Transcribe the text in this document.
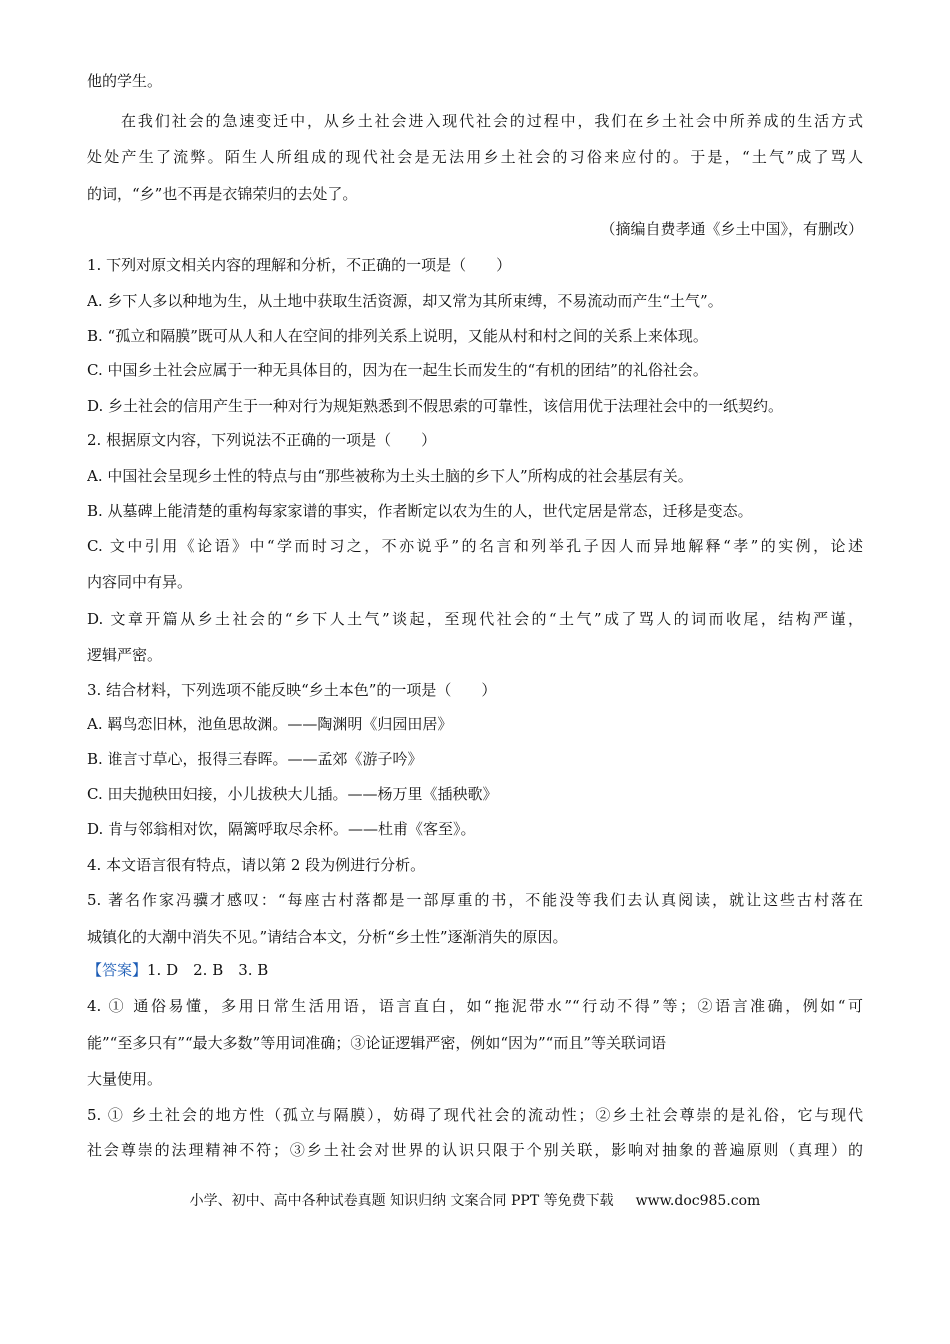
他的学生。
在我们社会的急速变迁中，从乡土社会进入现代社会的过程中，我们在乡土社会中所养成的生活方式
处处产生了流弊。陌生人所组成的现代社会是无法用乡土社会的习俗来应付的。于是，“土气”成了骂人
的词，“乡”也不再是衣锦荣归的去处了。
（摘编自费孝通《乡土中国》，有删改）
1. 下列对原文相关内容的理解和分析，不正确的一项是（　　）
A. 乡下人多以种地为生，从土地中获取生活资源，却又常为其所束缚，不易流动而产生“土气”。
B. “孤立和隔膜”既可从人和人在空间的排列关系上说明，又能从村和村之间的关系上来体现。
C. 中国乡土社会应属于一种无具体目的，因为在一起生长而发生的“有机的团结”的礼俗社会。
D. 乡土社会的信用产生于一种对行为规矩熟悉到不假思索的可靠性，该信用优于法理社会中的一纸契约。
2. 根据原文内容，下列说法不正确的一项是（　　）
A. 中国社会呈现乡土性的特点与由“那些被称为土头土脑的乡下人”所构成的社会基层有关。
B. 从墓碑上能清楚的重构每家家谱的事实，作者断定以农为生的人，世代定居是常态，迁移是变态。
C. 文中引用《论语》中“学而时习之，不亦说乎”的名言和列举孔子因人而异地解释“孝”的实例，论述
内容同中有异。
D. 文章开篇从乡土社会的“乡下人土气”谈起，至现代社会的“土气”成了骂人的词而收尾，结构严谨，
逻辑严密。
3. 结合材料，下列选项不能反映“乡土本色”的一项是（　　）
A. 羁鸟恋旧林，池鱼思故渊。——陶渊明《归园田居》
B. 谁言寸草心，报得三春晖。——孟郊《游子吟》
C. 田夫抛秧田妇接，小儿拔秧大儿插。——杨万里《插秧歌》
D. 肯与邻翁相对饮，隔篱呼取尽余杯。——杜甫《客至》。
4. 本文语言很有特点，请以第 2 段为例进行分析。
5. 著名作家冯骥才感叹：“每座古村落都是一部厚重的书，不能没等我们去认真阅读，就让这些古村落在
城镇化的大潮中消失不见。”请结合本文，分析“乡土性”逐渐消失的原因。
【答案】1. D　2. B　3. B
4. ① 通俗易懂，多用日常生活用语，语言直白，如“拖泥带水”“行动不得”等；②语言准确，例如“可
能”“至多只有”“最大多数”等用词准确；③论证逻辑严密，例如“因为”“而且”等关联词语
大量使用。
5. ① 乡土社会的地方性（孤立与隔膜），妨碍了现代社会的流动性；②乡土社会尊崇的是礼俗，它与现代
社会尊崇的法理精神不符；③乡土社会对世界的认识只限于个别关联，影响对抽象的普遍原则（真理）的
小学、初中、高中各种试卷真题 知识归纳 文案合同 PPT 等免费下载 www.doc985.com
